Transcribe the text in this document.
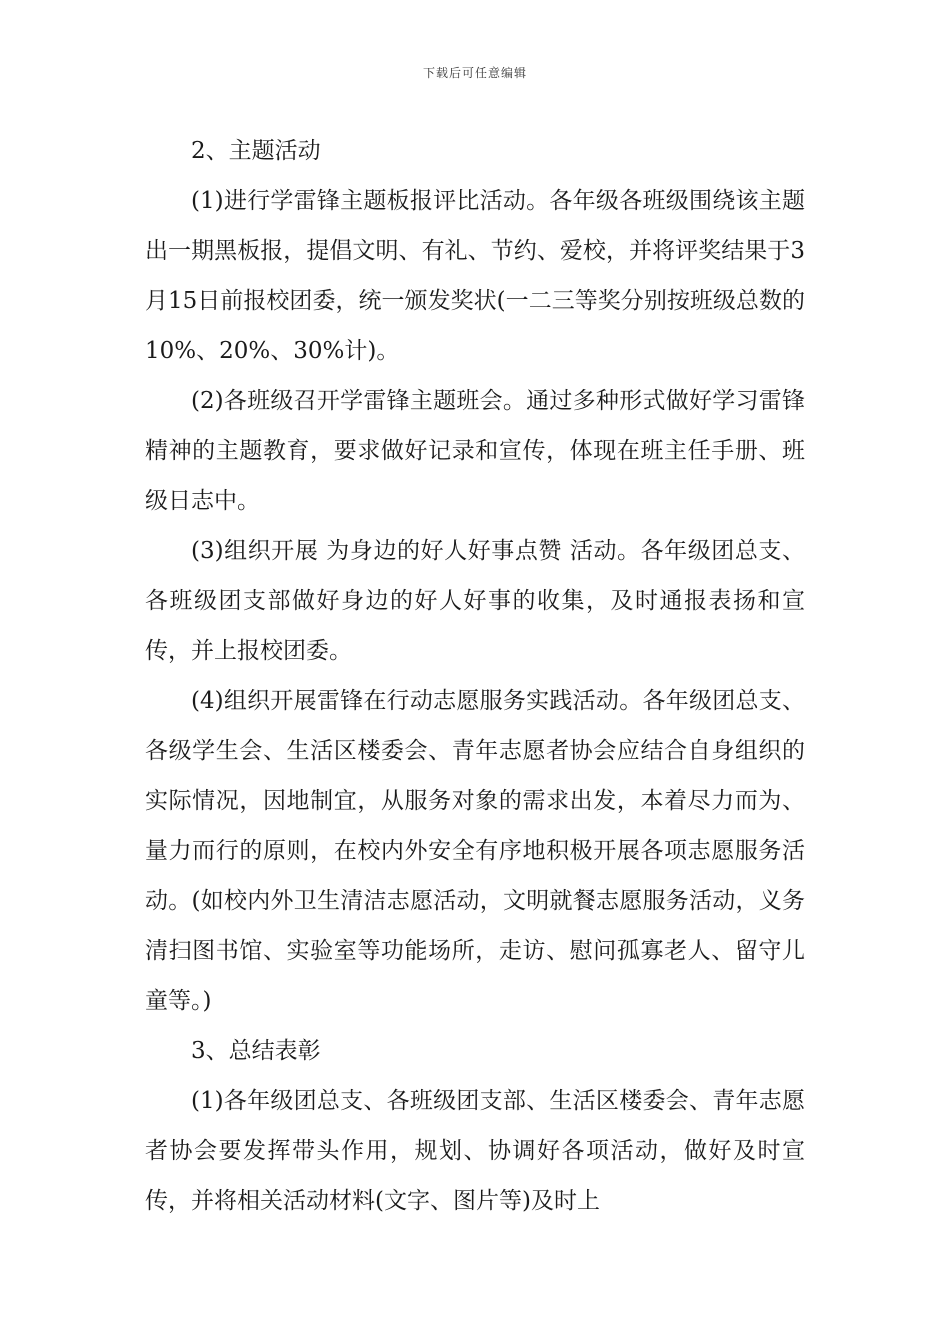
下载后可任意编辑

2、主题活动

(1)进行学雷锋主题板报评比活动。各年级各班级围绕该主题出一期黑板报，提倡文明、有礼、节约、爱校，并将评奖结果于3月15日前报校团委，统一颁发奖状(一二三等奖分别按班级总数的10%、20%、30%计)。

(2)各班级召开学雷锋主题班会。通过多种形式做好学习雷锋精神的主题教育，要求做好记录和宣传，体现在班主任手册、班级日志中。

(3)组织开展 为身边的好人好事点赞 活动。各年级团总支、各班级团支部做好身边的好人好事的收集，及时通报表扬和宣传，并上报校团委。

(4)组织开展雷锋在行动志愿服务实践活动。各年级团总支、各级学生会、生活区楼委会、青年志愿者协会应结合自身组织的实际情况，因地制宜，从服务对象的需求出发，本着尽力而为、量力而行的原则，在校内外安全有序地积极开展各项志愿服务活动。(如校内外卫生清洁志愿活动，文明就餐志愿服务活动，义务清扫图书馆、实验室等功能场所，走访、慰问孤寡老人、留守儿童等。)

3、总结表彰

(1)各年级团总支、各班级团支部、生活区楼委会、青年志愿者协会要发挥带头作用，规划、协调好各项活动，做好及时宣传，并将相关活动材料(文字、图片等)及时上
